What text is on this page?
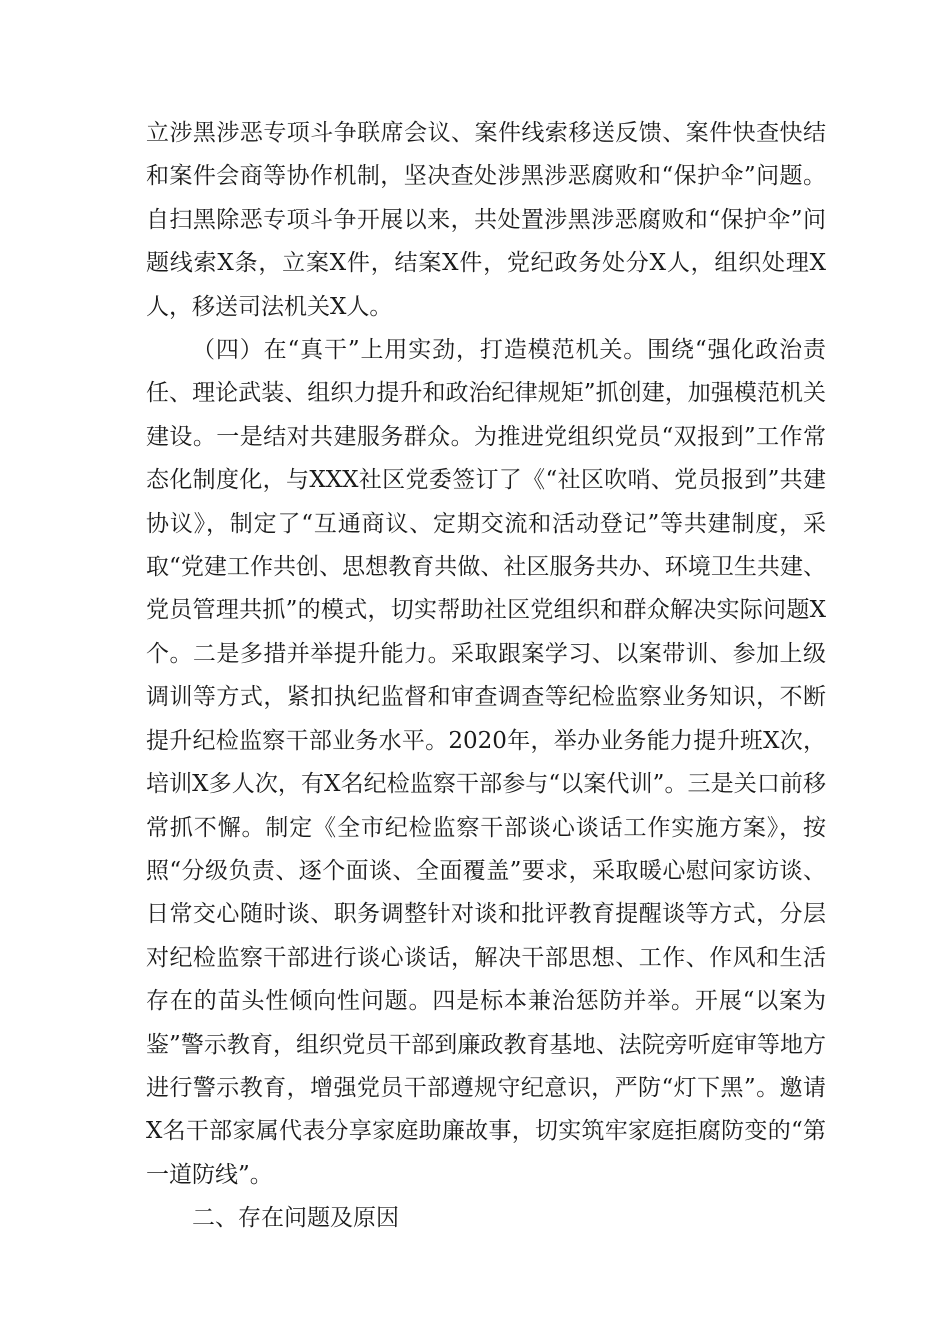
立涉黑涉恶专项斗争联席会议、案件线索移送反馈、案件快查快结和案件会商等协作机制，坚决查处涉黑涉恶腐败和“保护伞”问题。自扫黑除恶专项斗争开展以来，共处置涉黑涉恶腐败和“保护伞”问题线索X条，立案X件，结案X件，党纪政务处分X人，组织处理X人，移送司法机关X人。

（四）在“真干”上用实劲，打造模范机关。围绕“强化政治责任、理论武装、组织力提升和政治纪律规矩”抓创建，加强模范机关建设。一是结对共建服务群众。为推进党组织党员“双报到”工作常态化制度化，与XXX社区党委签订了《“社区吹哨、党员报到”共建协议》，制定了“互通商议、定期交流和活动登记”等共建制度，采取“党建工作共创、思想教育共做、社区服务共办、环境卫生共建、党员管理共抓”的模式，切实帮助社区党组织和群众解决实际问题X个。二是多措并举提升能力。采取跟案学习、以案带训、参加上级调训等方式，紧扣执纪监督和审查调查等纪检监察业务知识，不断提升纪检监察干部业务水平。2020年，举办业务能力提升班X次，培训X多人次，有X名纪检监察干部参与“以案代训”。三是关口前移常抓不懈。制定《全市纪检监察干部谈心谈话工作实施方案》，按照“分级负责、逐个面谈、全面覆盖”要求，采取暖心慰问家访谈、日常交心随时谈、职务调整针对谈和批评教育提醒谈等方式，分层对纪检监察干部进行谈心谈话，解决干部思想、工作、作风和生活存在的苗头性倾向性问题。四是标本兼治惩防并举。开展“以案为鉴”警示教育，组织党员干部到廉政教育基地、法院旁听庭审等地方进行警示教育，增强党员干部遵规守纪意识，严防“灯下黑”。邀请X名干部家属代表分享家庭助廉故事，切实筑牢家庭拒腐防变的“第一道防线”。

二、存在问题及原因
